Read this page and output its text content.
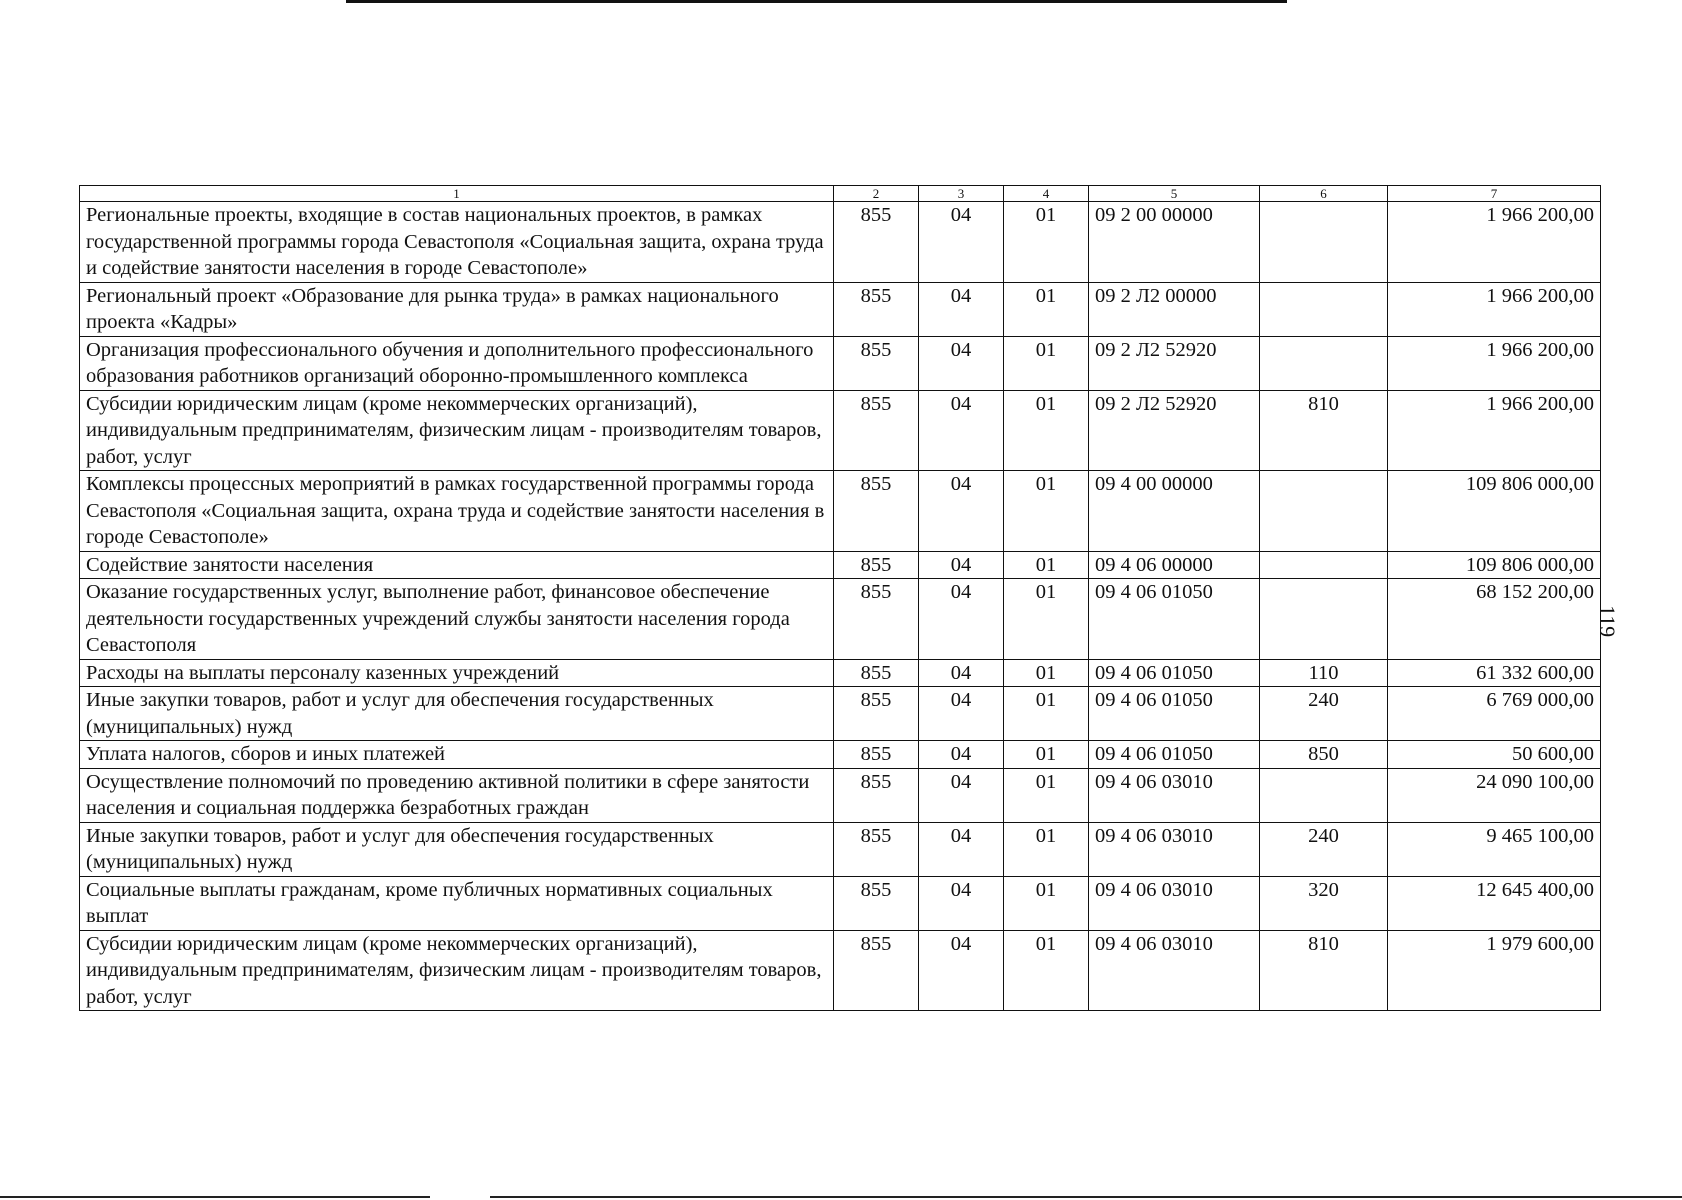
119
1	2	3	4	5	6	7
Региональные проекты, входящие в состав национальных проектов, в рамках государственной программы города Севастополя «Социальная защита, охрана труда и содействие занятости населения в городе Севастополе»	855	04	01	09 2 00 00000		1 966 200,00
Региональный проект «Образование для рынка труда» в рамках национального проекта «Кадры»	855	04	01	09 2 Л2 00000		1 966 200,00
Организация профессионального обучения и дополнительного профессионального образования работников организаций оборонно-промышленного комплекса	855	04	01	09 2 Л2 52920		1 966 200,00
Субсидии юридическим лицам (кроме некоммерческих организаций), индивидуальным предпринимателям, физическим лицам - производителям товаров, работ, услуг	855	04	01	09 2 Л2 52920	810	1 966 200,00
Комплексы процессных мероприятий в рамках государственной программы города Севастополя «Социальная защита, охрана труда и содействие занятости населения в городе Севастополе»	855	04	01	09 4 00 00000		109 806 000,00
Содействие занятости населения	855	04	01	09 4 06 00000		109 806 000,00
Оказание государственных услуг, выполнение работ, финансовое обеспечение деятельности государственных учреждений службы занятости населения города Севастополя	855	04	01	09 4 06 01050		68 152 200,00
Расходы на выплаты персоналу казенных учреждений	855	04	01	09 4 06 01050	110	61 332 600,00
Иные закупки товаров, работ и услуг для обеспечения государственных (муниципальных) нужд	855	04	01	09 4 06 01050	240	6 769 000,00
Уплата налогов, сборов и иных платежей	855	04	01	09 4 06 01050	850	50 600,00
Осуществление полномочий по проведению активной политики в сфере занятости населения и социальная поддержка безработных граждан	855	04	01	09 4 06 03010		24 090 100,00
Иные закупки товаров, работ и услуг для обеспечения государственных (муниципальных) нужд	855	04	01	09 4 06 03010	240	9 465 100,00
Социальные выплаты гражданам, кроме публичных нормативных социальных выплат	855	04	01	09 4 06 03010	320	12 645 400,00
Субсидии юридическим лицам (кроме некоммерческих организаций), индивидуальным предпринимателям, физическим лицам - производителям товаров, работ, услуг	855	04	01	09 4 06 03010	810	1 979 600,00
